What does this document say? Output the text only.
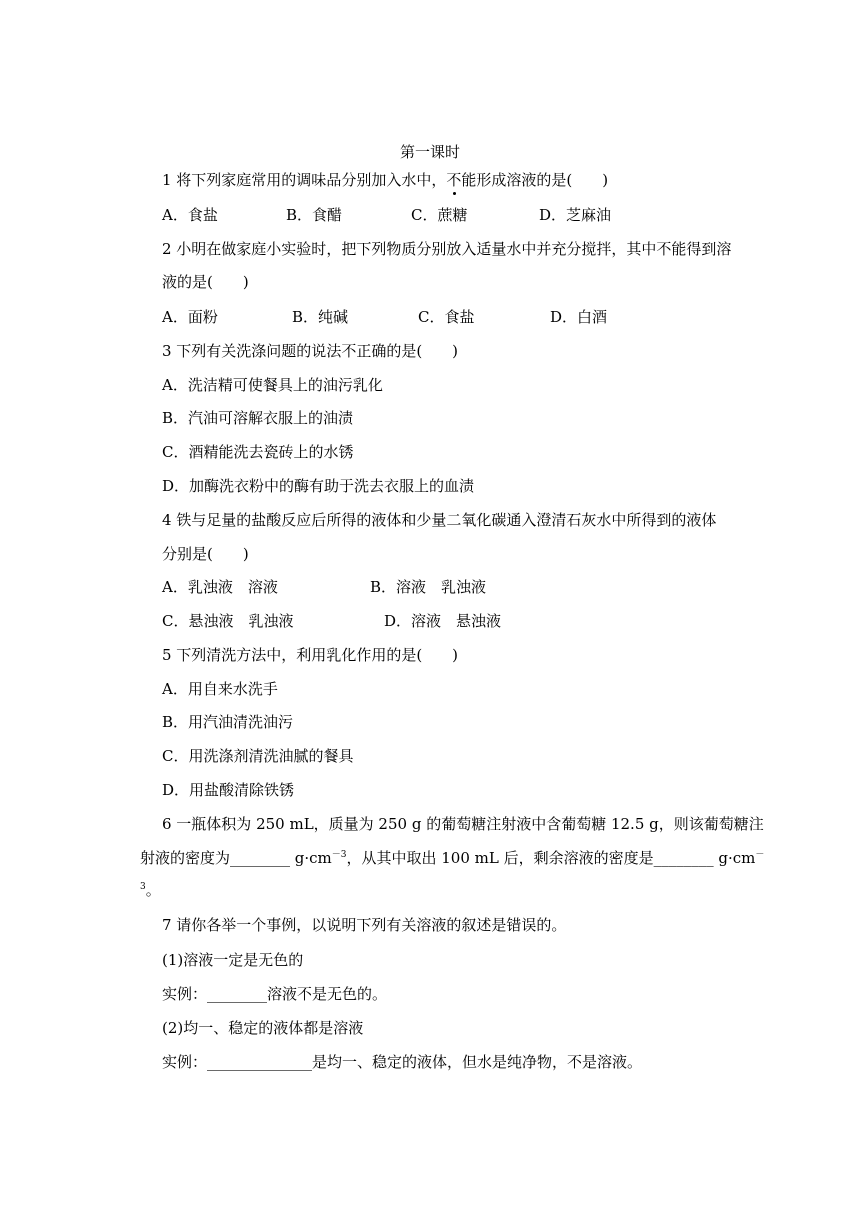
第一课时
1 将下列家庭常用的调味品分别加入水中，不能形成溶液的是(　　)
A．食盐	B．食醋	C．蔗糖	D．芝麻油
2 小明在做家庭小实验时，把下列物质分别放入适量水中并充分搅拌，其中不能得到溶
液的是(　　)
A．面粉	B．纯碱	C．食盐	D．白酒
3 下列有关洗涤问题的说法不正确的是(　　)
A．洗洁精可使餐具上的油污乳化
B．汽油可溶解衣服上的油渍
C．酒精能洗去瓷砖上的水锈
D．加酶洗衣粉中的酶有助于洗去衣服上的血渍
4 铁与足量的盐酸反应后所得的液体和少量二氧化碳通入澄清石灰水中所得到的液体
分别是(　　)
A．乳浊液　溶液	B．溶液　乳浊液
C．悬浊液　乳浊液	D．溶液　悬浊液
5 下列清洗方法中，利用乳化作用的是(　　)
A．用自来水洗手
B．用汽油清洗油污
C．用洗涤剂清洗油腻的餐具
D．用盐酸清除铁锈
6 一瓶体积为 250 mL，质量为 250 g 的葡萄糖注射液中含葡萄糖 12.5 g，则该葡萄糖注
射液的密度为________ $g\cdot cm^{-3}$，从其中取出 100 mL 后，剩余溶液的密度是________ g·cm－
$^3$。
7 请你各举一个事例，以说明下列有关溶液的叙述是错误的。
(1)溶液一定是无色的
实例：________溶液不是无色的。
(2)均一、稳定的液体都是溶液
实例：______________是均一、稳定的液体，但水是纯净物，不是溶液。
